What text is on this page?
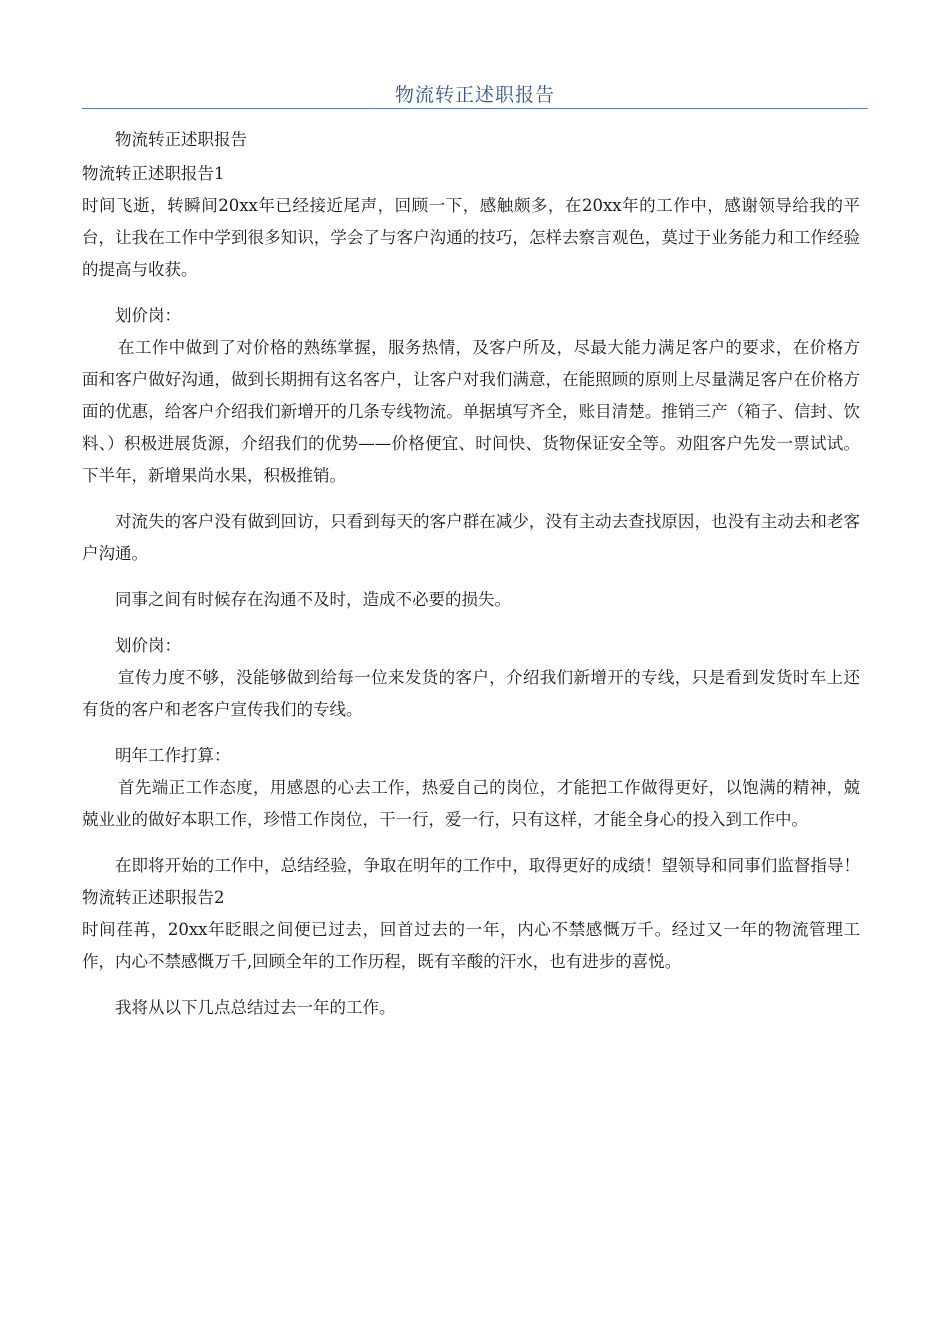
物流转正述职报告

物流转正述职报告

物流转正述职报告1

时间飞逝，转瞬间20xx年已经接近尾声，回顾一下，感触颇多，在20xx年的工作中，感谢领导给我的平台，让我在工作中学到很多知识，学会了与客户沟通的技巧，怎样去察言观色，莫过于业务能力和工作经验的提高与收获。

划价岗：

在工作中做到了对价格的熟练掌握，服务热情，及客户所及，尽最大能力满足客户的要求，在价格方面和客户做好沟通，做到长期拥有这名客户，让客户对我们满意，在能照顾的原则上尽量满足客户在价格方面的优惠，给客户介绍我们新增开的几条专线物流。单据填写齐全，账目清楚。推销三产（箱子、信封、饮料、）积极进展货源，介绍我们的优势——价格便宜、时间快、货物保证安全等。劝阻客户先发一票试试。下半年，新增果尚水果，积极推销。

对流失的客户没有做到回访，只看到每天的客户群在减少，没有主动去查找原因，也没有主动去和老客户沟通。

同事之间有时候存在沟通不及时，造成不必要的损失。

划价岗：

宣传力度不够，没能够做到给每一位来发货的客户，介绍我们新增开的专线，只是看到发货时车上还有货的客户和老客户宣传我们的专线。

明年工作打算：

首先端正工作态度，用感恩的心去工作，热爱自己的岗位，才能把工作做得更好，以饱满的精神，兢兢业业的做好本职工作，珍惜工作岗位，干一行，爱一行，只有这样，才能全身心的投入到工作中。

在即将开始的工作中，总结经验，争取在明年的工作中，取得更好的成绩！望领导和同事们监督指导！物流转正述职报告2

时间荏苒，20xx年眨眼之间便已过去，回首过去的一年，内心不禁感慨万千。经过又一年的物流管理工作，内心不禁感慨万千,回顾全年的工作历程，既有辛酸的汗水，也有进步的喜悦。

我将从以下几点总结过去一年的工作。
